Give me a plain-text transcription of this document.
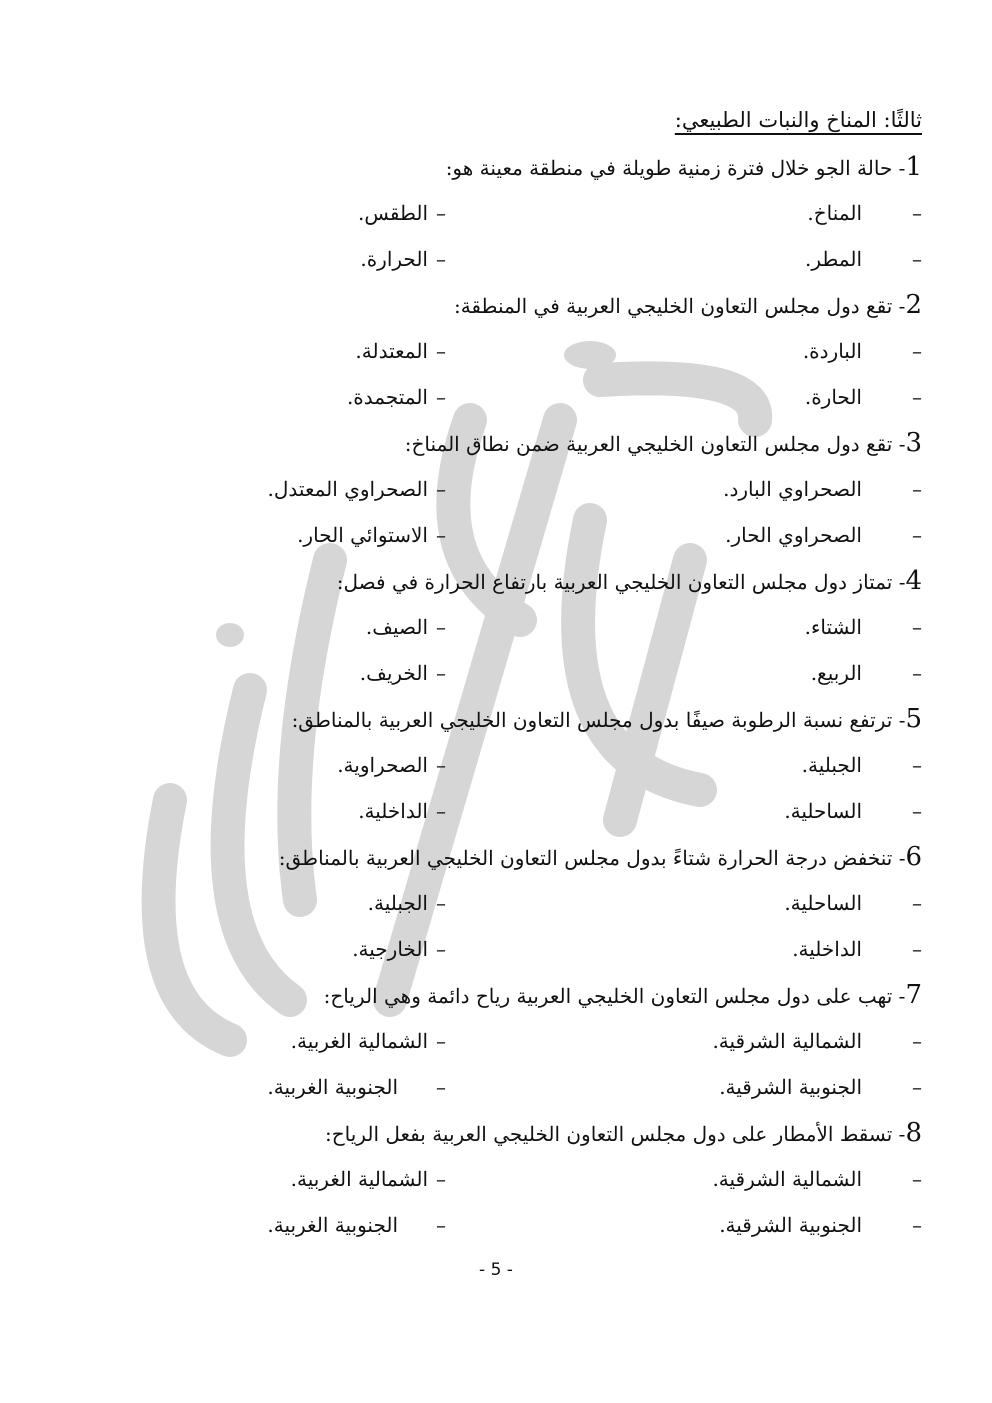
ثالثًا: المناخ والنبات الطبيعي:
1- حالة الجو خلال فترة زمنية طويلة في منطقة معينة هو:
–المناخ.
–الطقس.
–المطر.
–الحرارة.
2- تقع دول مجلس التعاون الخليجي العربية في المنطقة:
–الباردة.
–المعتدلة.
–الحارة.
–المتجمدة.
3- تقع دول مجلس التعاون الخليجي العربية ضمن نطاق المناخ:
–الصحراوي البارد.
–الصحراوي المعتدل.
–الصحراوي الحار.
–الاستوائي الحار.
4- تمتاز دول مجلس التعاون الخليجي العربية بارتفاع الحرارة في فصل:
–الشتاء.
–الصيف.
–الربيع.
–الخريف.
5- ترتفع نسبة الرطوبة صيفًا بدول مجلس التعاون الخليجي العربية بالمناطق:
–الجبلية.
–الصحراوية.
–الساحلية.
–الداخلية.
6- تنخفض درجة الحرارة شتاءً بدول مجلس التعاون الخليجي العربية بالمناطق:
–الساحلية.
–الجبلية.
–الداخلية.
–الخارجية.
7- تهب على دول مجلس التعاون الخليجي العربية رياح دائمة وهي الرياح:
–الشمالية الشرقية.
–الشمالية الغربية.
–الجنوبية الشرقية.
–الجنوبية الغربية.
8- تسقط الأمطار على دول مجلس التعاون الخليجي العربية بفعل الرياح:
–الشمالية الشرقية.
–الشمالية الغربية.
–الجنوبية الشرقية.
–الجنوبية الغربية.
- 5 -
